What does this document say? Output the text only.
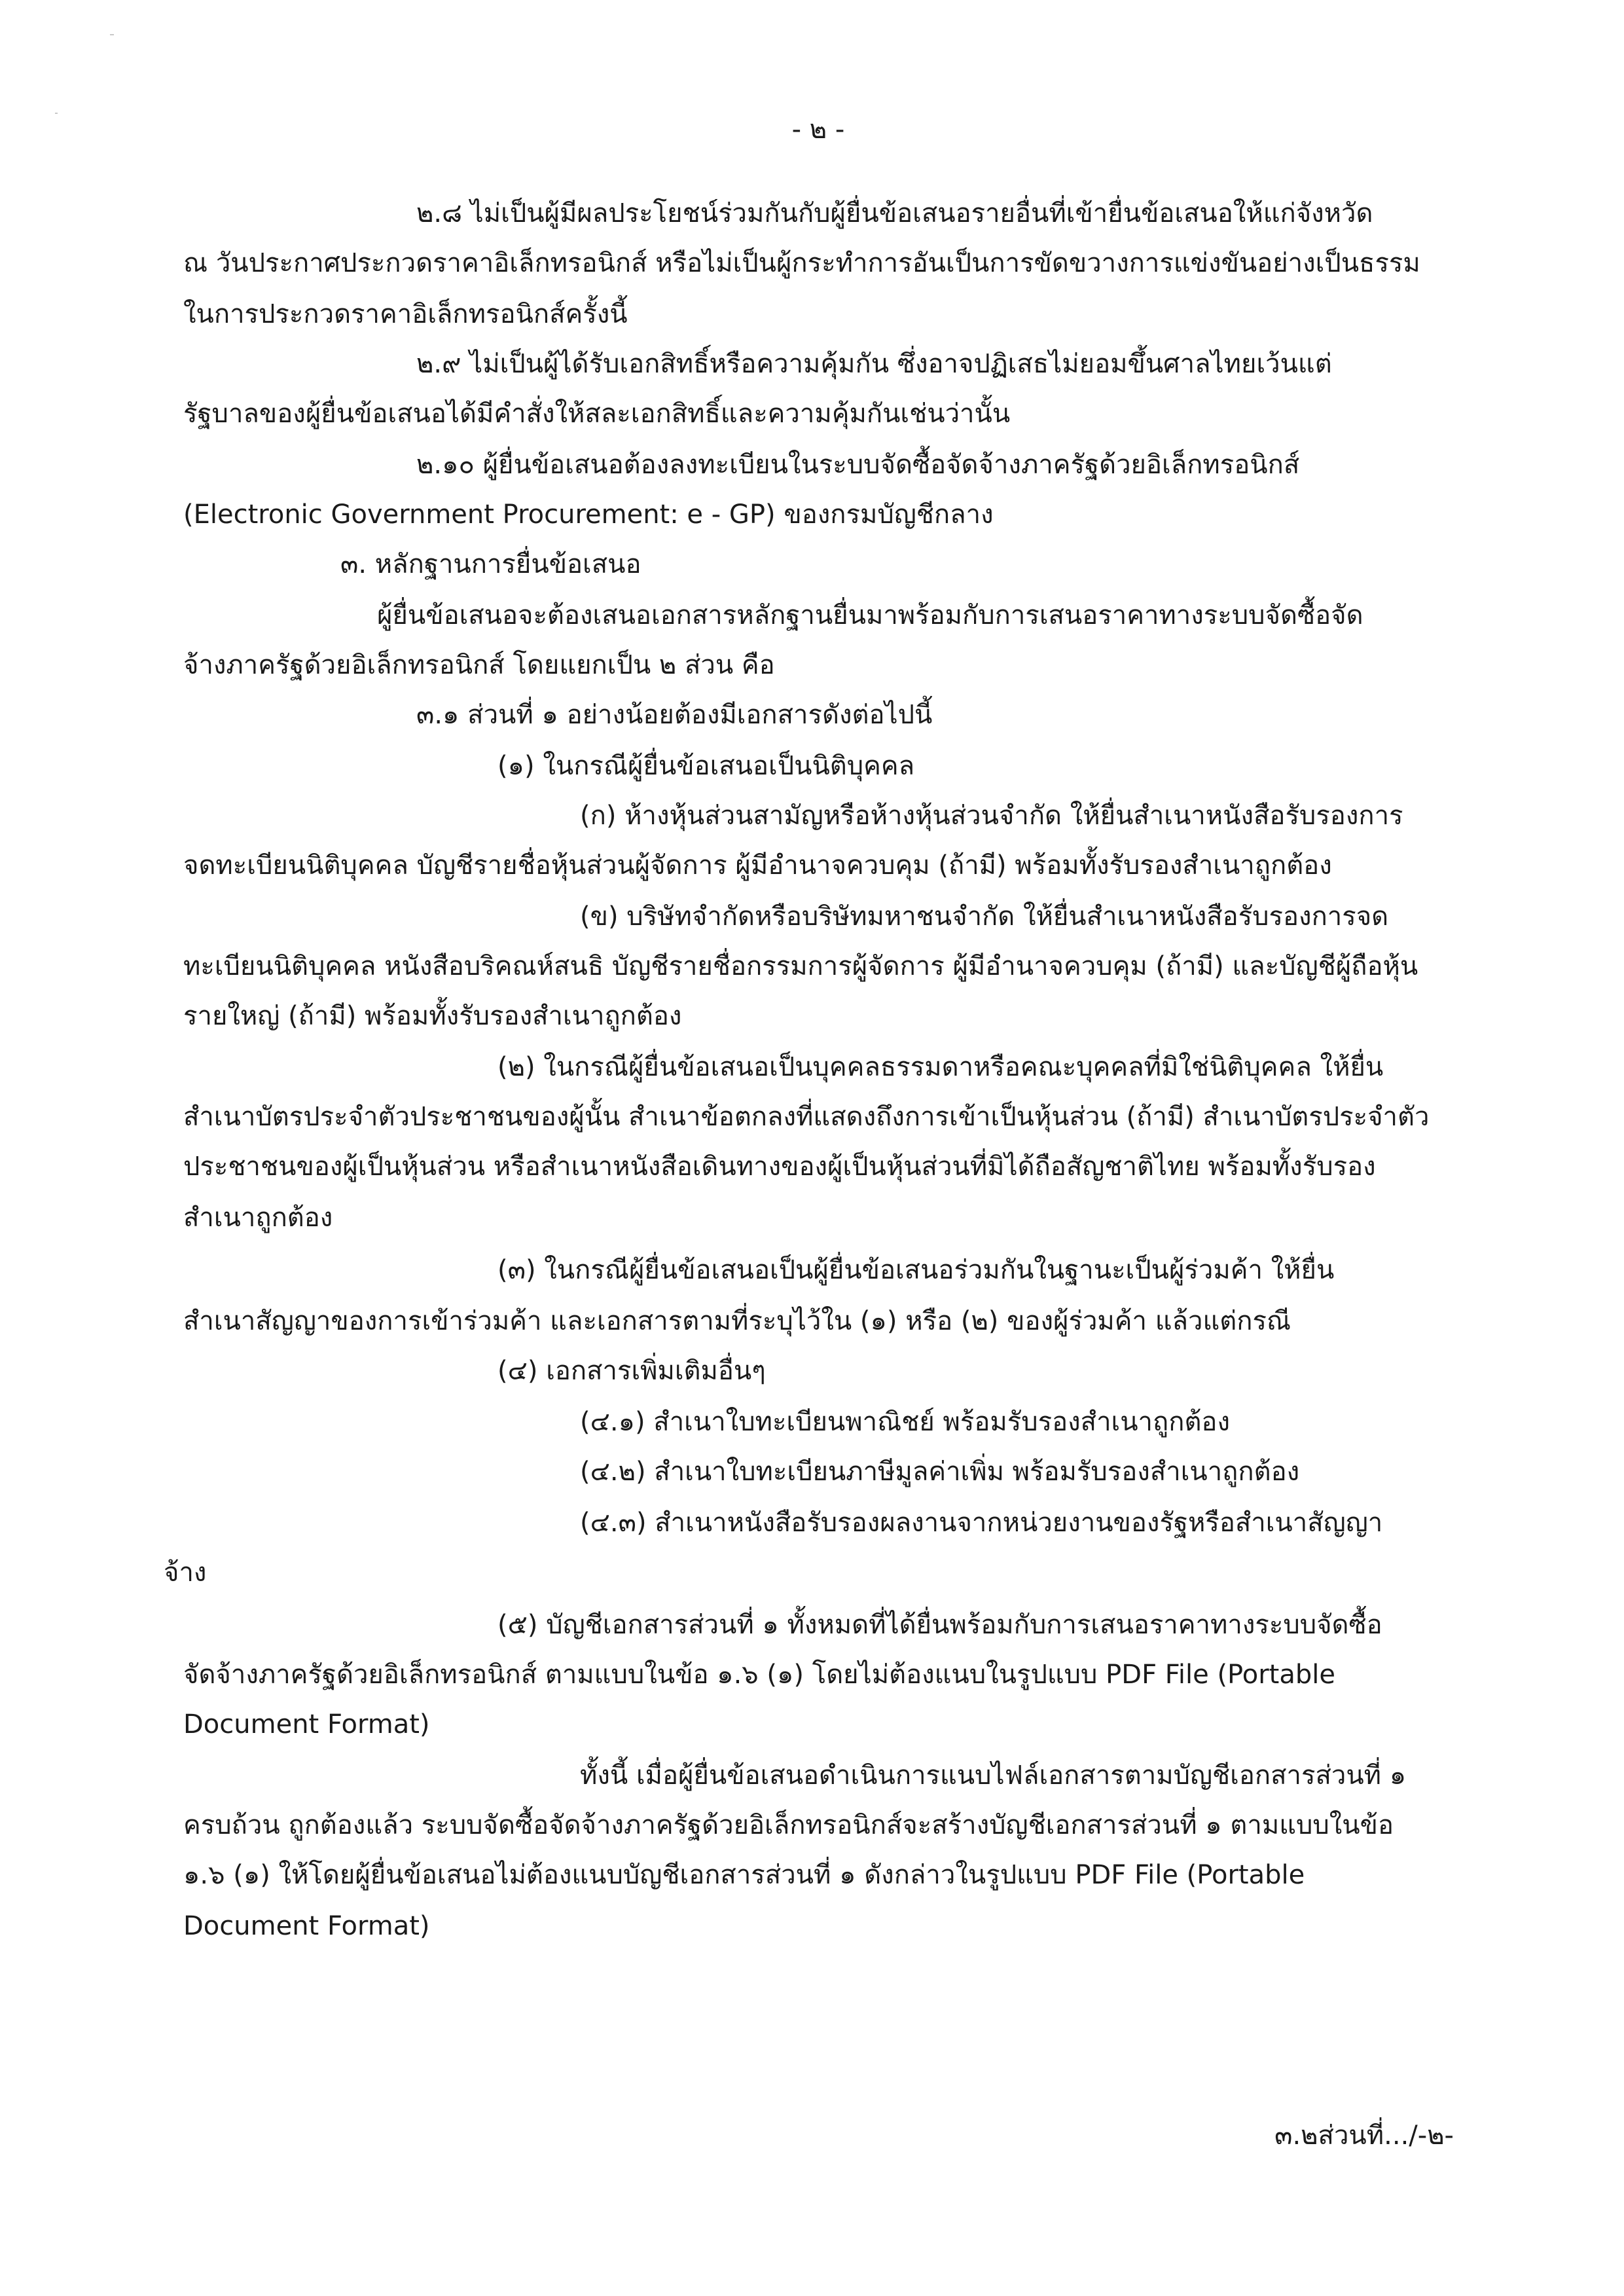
- ๒ -
๒.๘ ไม่เป็นผู้มีผลประโยชน์ร่วมกันกับผู้ยื่นข้อเสนอรายอื่นที่เข้ายื่นข้อเสนอให้แก่จังหวัด
ณ วันประกาศประกวดราคาอิเล็กทรอนิกส์ หรือไม่เป็นผู้กระทำการอันเป็นการขัดขวางการแข่งขันอย่างเป็นธรรม
ในการประกวดราคาอิเล็กทรอนิกส์ครั้งนี้
๒.๙ ไม่เป็นผู้ได้รับเอกสิทธิ์หรือความคุ้มกัน ซึ่งอาจปฏิเสธไม่ยอมขึ้นศาลไทยเว้นแต่
รัฐบาลของผู้ยื่นข้อเสนอได้มีคำสั่งให้สละเอกสิทธิ์และความคุ้มกันเช่นว่านั้น
๒.๑๐ ผู้ยื่นข้อเสนอต้องลงทะเบียนในระบบจัดซื้อจัดจ้างภาครัฐด้วยอิเล็กทรอนิกส์
(Electronic Government Procurement: e - GP) ของกรมบัญชีกลาง
๓. หลักฐานการยื่นข้อเสนอ
ผู้ยื่นข้อเสนอจะต้องเสนอเอกสารหลักฐานยื่นมาพร้อมกับการเสนอราคาทางระบบจัดซื้อจัด
จ้างภาครัฐด้วยอิเล็กทรอนิกส์ โดยแยกเป็น ๒ ส่วน คือ
๓.๑ ส่วนที่ ๑ อย่างน้อยต้องมีเอกสารดังต่อไปนี้
(๑) ในกรณีผู้ยื่นข้อเสนอเป็นนิติบุคคล
(ก) ห้างหุ้นส่วนสามัญหรือห้างหุ้นส่วนจำกัด ให้ยื่นสำเนาหนังสือรับรองการ
จดทะเบียนนิติบุคคล บัญชีรายชื่อหุ้นส่วนผู้จัดการ ผู้มีอำนาจควบคุม (ถ้ามี) พร้อมทั้งรับรองสำเนาถูกต้อง
(ข) บริษัทจำกัดหรือบริษัทมหาชนจำกัด ให้ยื่นสำเนาหนังสือรับรองการจด
ทะเบียนนิติบุคคล หนังสือบริคณห์สนธิ บัญชีรายชื่อกรรมการผู้จัดการ ผู้มีอำนาจควบคุม (ถ้ามี) และบัญชีผู้ถือหุ้น
รายใหญ่ (ถ้ามี) พร้อมทั้งรับรองสำเนาถูกต้อง
(๒) ในกรณีผู้ยื่นข้อเสนอเป็นบุคคลธรรมดาหรือคณะบุคคลที่มิใช่นิติบุคคล ให้ยื่น
สำเนาบัตรประจำตัวประชาชนของผู้นั้น สำเนาข้อตกลงที่แสดงถึงการเข้าเป็นหุ้นส่วน (ถ้ามี) สำเนาบัตรประจำตัว
ประชาชนของผู้เป็นหุ้นส่วน หรือสำเนาหนังสือเดินทางของผู้เป็นหุ้นส่วนที่มิได้ถือสัญชาติไทย พร้อมทั้งรับรอง
สำเนาถูกต้อง
(๓) ในกรณีผู้ยื่นข้อเสนอเป็นผู้ยื่นข้อเสนอร่วมกันในฐานะเป็นผู้ร่วมค้า ให้ยื่น
สำเนาสัญญาของการเข้าร่วมค้า และเอกสารตามที่ระบุไว้ใน (๑) หรือ (๒) ของผู้ร่วมค้า แล้วแต่กรณี
(๔) เอกสารเพิ่มเติมอื่นๆ
(๔.๑) สำเนาใบทะเบียนพาณิชย์ พร้อมรับรองสำเนาถูกต้อง
(๔.๒) สำเนาใบทะเบียนภาษีมูลค่าเพิ่ม พร้อมรับรองสำเนาถูกต้อง
(๔.๓) สำเนาหนังสือรับรองผลงานจากหน่วยงานของรัฐหรือสำเนาสัญญา
จ้าง
(๕) บัญชีเอกสารส่วนที่ ๑ ทั้งหมดที่ได้ยื่นพร้อมกับการเสนอราคาทางระบบจัดซื้อ
จัดจ้างภาครัฐด้วยอิเล็กทรอนิกส์ ตามแบบในข้อ ๑.๖ (๑) โดยไม่ต้องแนบในรูปแบบ PDF File (Portable
Document Format)
ทั้งนี้ เมื่อผู้ยื่นข้อเสนอดำเนินการแนบไฟล์เอกสารตามบัญชีเอกสารส่วนที่ ๑
ครบถ้วน ถูกต้องแล้ว ระบบจัดซื้อจัดจ้างภาครัฐด้วยอิเล็กทรอนิกส์จะสร้างบัญชีเอกสารส่วนที่ ๑ ตามแบบในข้อ
๑.๖ (๑) ให้โดยผู้ยื่นข้อเสนอไม่ต้องแนบบัญชีเอกสารส่วนที่ ๑ ดังกล่าวในรูปแบบ PDF File (Portable
Document Format)
๓.๒ส่วนที่.../-๒-
